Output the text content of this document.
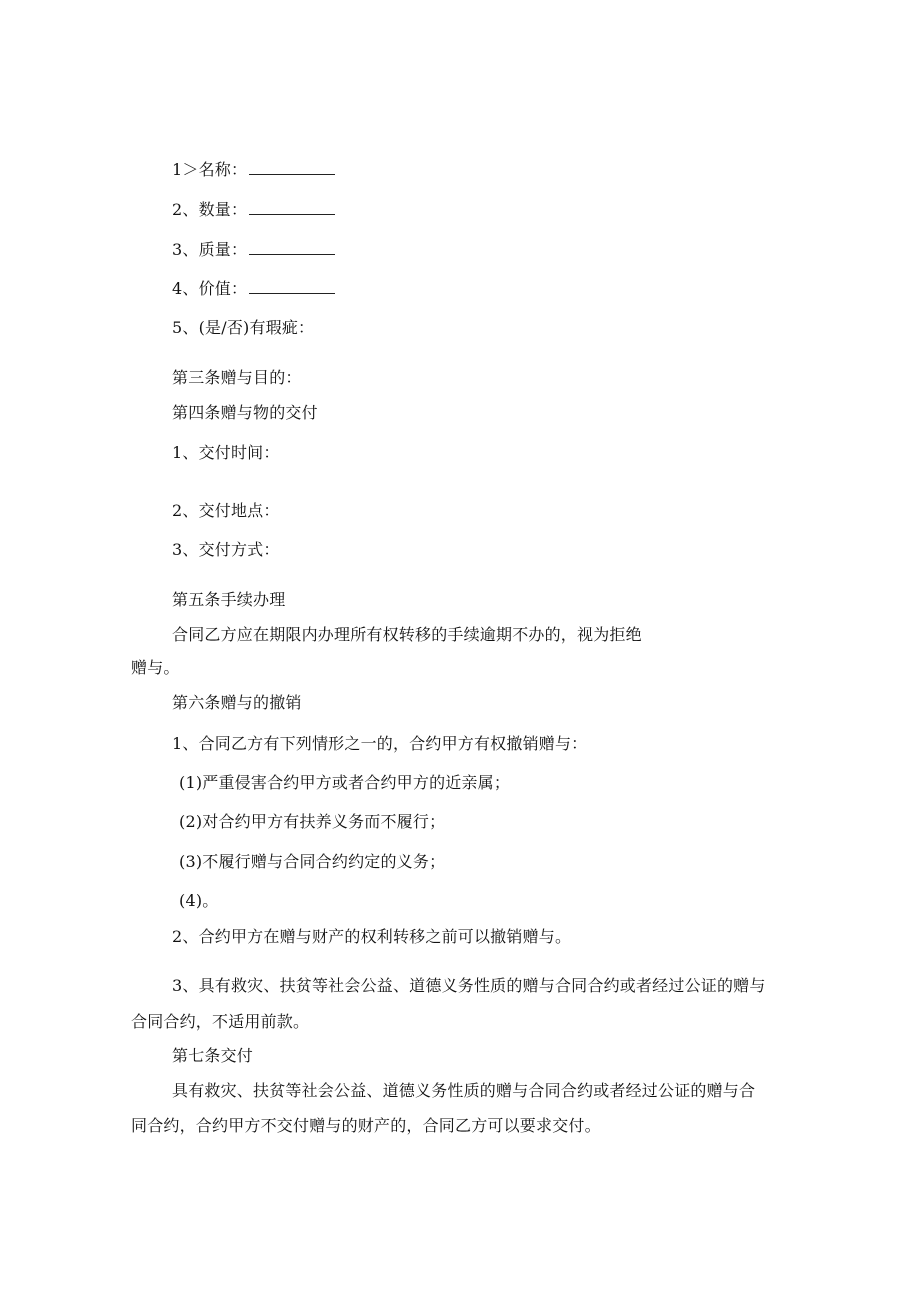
1＞名称：
2、数量：
3、质量：
4、价值：
5、(是/否)有瑕疵：
第三条赠与目的：
第四条赠与物的交付
1、交付时间：
2、交付地点：
3、交付方式：
第五条手续办理
合同乙方应在期限内办理所有权转移的手续逾期不办的，视为拒绝
赠与。
第六条赠与的撤销
1、合同乙方有下列情形之一的，合约甲方有权撤销赠与：
(1)严重侵害合约甲方或者合约甲方的近亲属；
(2)对合约甲方有扶养义务而不履行；
(3)不履行赠与合同合约约定的义务；
(4)。
2、合约甲方在赠与财产的权利转移之前可以撤销赠与。
3、具有救灾、扶贫等社会公益、道德义务性质的赠与合同合约或者经过公证的赠与
合同合约，不适用前款。
第七条交付
具有救灾、扶贫等社会公益、道德义务性质的赠与合同合约或者经过公证的赠与合
同合约，合约甲方不交付赠与的财产的，合同乙方可以要求交付。
